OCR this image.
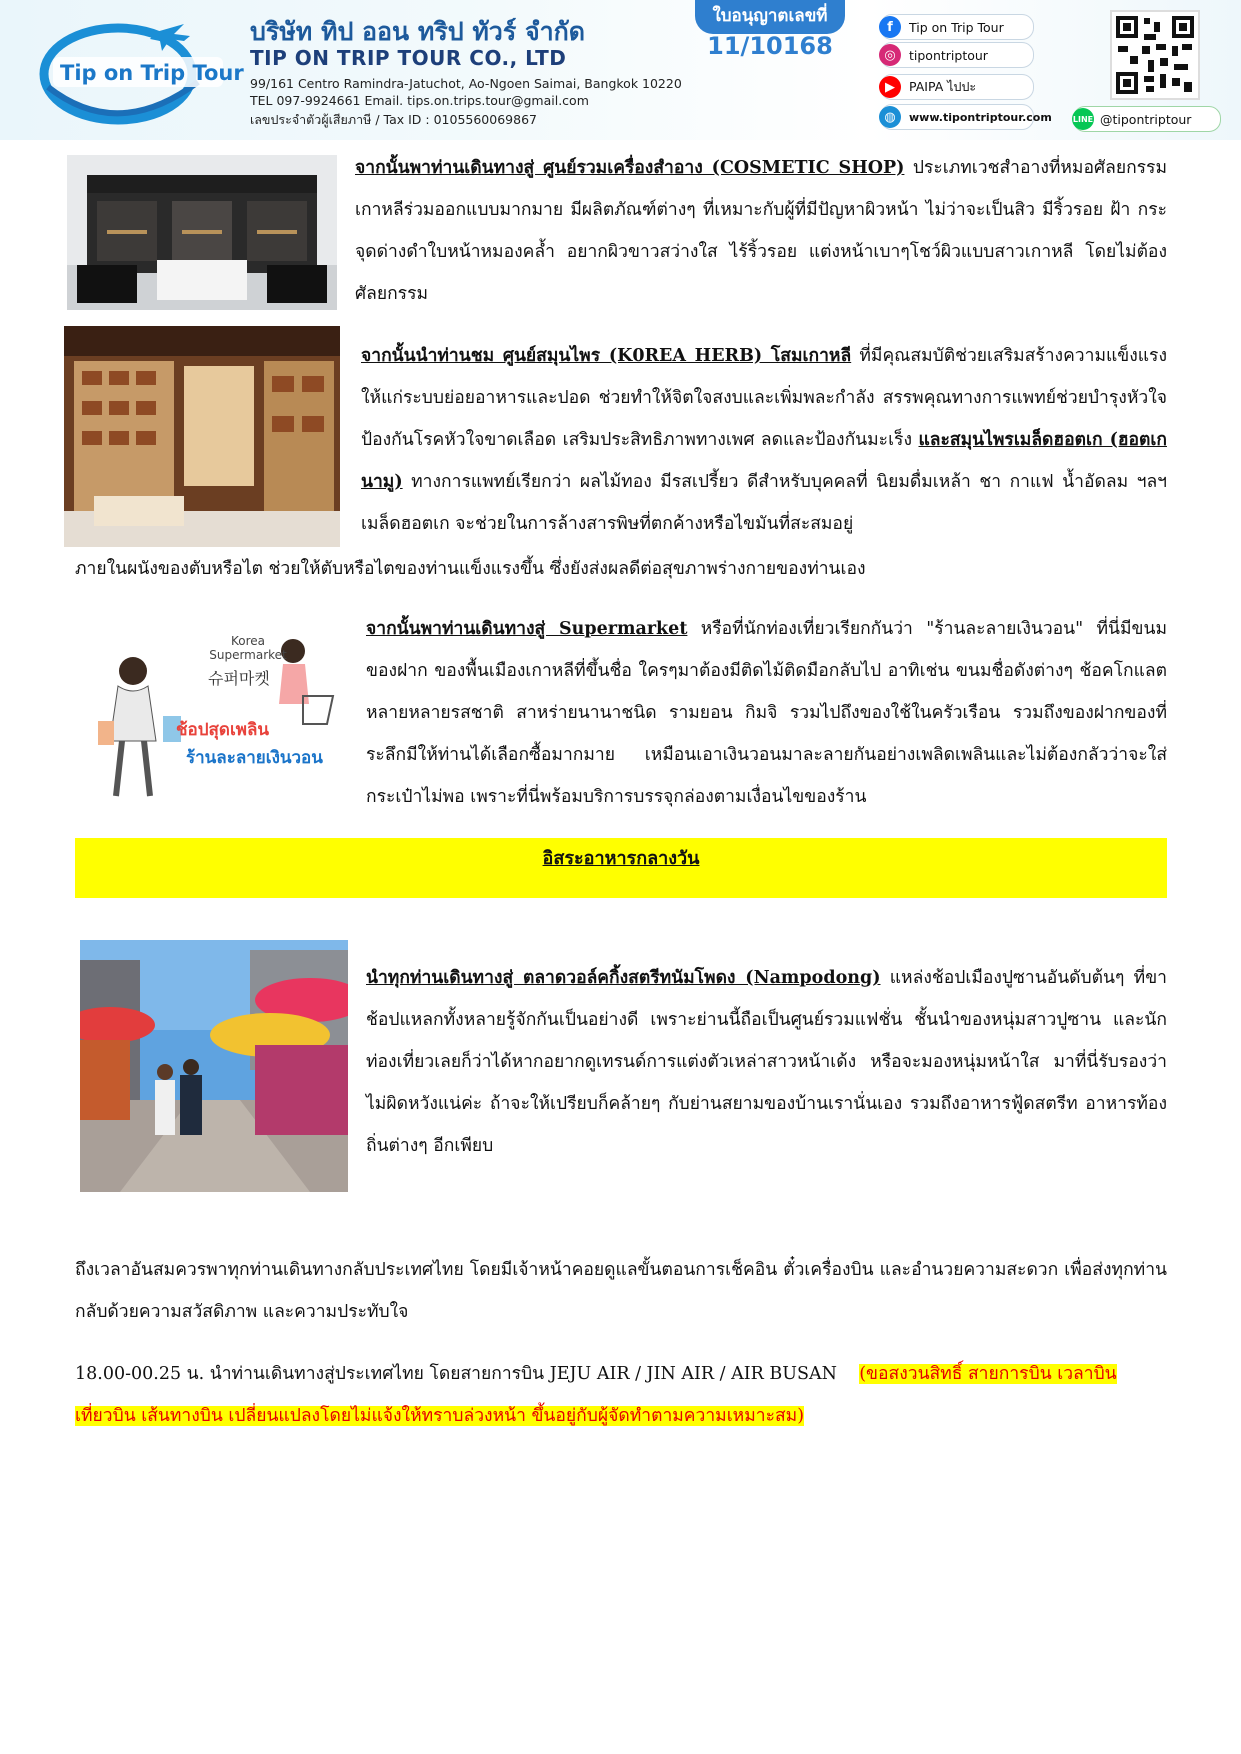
Tip on Trip Tour
บริษัท ทิป ออน ทริป ทัวร์ จำกัด
TIP ON TRIP TOUR CO., LTD
99/161 Centro Ramindra-Jatuchot, Ao-Ngoen Saimai, Bangkok 10220
TEL 097-9924661 Email. tips.on.trips.tour@gmail.com
เลขประจำตัวผู้เสียภาษี / Tax ID : 0105560069867
ใบอนุญาตเลขที่
11/10168
f	Tip on Trip Tour
◎	tipontriptour
▶	PAIPA ไปปะ
◍	www.tipontriptour.com	LINE @tipontriptour
จากนั้นพาท่านเดินทางสู่ ศูนย์รวมเครื่องสำอาง (COSMETIC SHOP) ประเภทเวชสำอางที่หมอศัลยกรรมเกาหลีร่วมออกแบบมากมาย มีผลิตภัณฑ์ต่างๆ ที่เหมาะกับผู้ที่มีปัญหาผิวหน้า ไม่ว่าจะเป็นสิว มีริ้วรอย ฝ้า กระ จุดด่างดำใบหน้าหมองคล้ำ อยากผิวขาวสว่างใส ไร้ริ้วรอย แต่งหน้าเบาๆโชว์ผิวแบบสาวเกาหลี โดยไม่ต้องศัลยกรรม
จากนั้นนำท่านชม ศูนย์สมุนไพร (K0REA HERB) โสมเกาหลี ที่มีคุณสมบัติช่วยเสริมสร้างความแข็งแรงให้แก่ระบบย่อยอาหารและปอด ช่วยทำให้จิตใจสงบและเพิ่มพละกำลัง สรรพคุณทางการแพทย์ช่วยบำรุงหัวใจ ป้องกันโรคหัวใจขาดเลือด เสริมประสิทธิภาพทางเพศ ลดและป้องกันมะเร็ง และสมุนไพรเมล็ดฮอตเก (ฮอตเกนามู) ทางการแพทย์เรียกว่า ผลไม้ทอง มีรสเปรี้ยว ดีสำหรับบุคคลที่ นิยมดื่มเหล้า ชา กาแฟ น้ำอัดลม ฯลฯ เมล็ดฮอตเก จะช่วยในการล้างสารพิษที่ตกค้างหรือไขมันที่สะสมอยู่
ภายในผนังของตับหรือไต ช่วยให้ตับหรือไตของท่านแข็งแรงขึ้น ซึ่งยังส่งผลดีต่อสุขภาพร่างกายของท่านเอง
Korea Supermarket
슈퍼마켓
ช้อปสุดเพลิน
ร้านละลายเงินวอน
จากนั้นพาท่านเดินทางสู่ Supermarket หรือที่นักท่องเที่ยวเรียกกันว่า "ร้านละลายเงินวอน" ที่นี่มีขนมของฝาก ของพื้นเมืองเกาหลีที่ขึ้นชื่อ ใครๆมาต้องมีติดไม้ติดมือกลับไป อาทิเช่น ขนมชื่อดังต่างๆ ช้อคโกแลตหลายหลายรสชาติ สาหร่ายนานาชนิด รามยอน กิมจิ รวมไปถึงของใช้ในครัวเรือน รวมถึงของฝากของที่ระลึกมีให้ท่านได้เลือกซื้อมากมาย เหมือนเอาเงินวอนมาละลายกันอย่างเพลิดเพลินและไม่ต้องกลัวว่าจะใส่กระเป๋าไม่พอ เพราะที่นี่พร้อมบริการบรรจุกล่องตามเงื่อนไขของร้าน
อิสระอาหารกลางวัน
นำทุกท่านเดินทางสู่ ตลาดวอล์คกิ้งสตรีทนัมโพดง (Nampodong) แหล่งช้อปเมืองปูซานอันดับต้นๆ ที่ขาช้อปแหลกทั้งหลายรู้จักกันเป็นอย่างดี เพราะย่านนี้ถือเป็นศูนย์รวมแฟชั่น ชั้นนำของหนุ่มสาวปูซาน และนักท่องเที่ยวเลยก็ว่าได้หากอยากดูเทรนด์การแต่งตัวเหล่าสาวหน้าเด้ง หรือจะมองหนุ่มหน้าใส มาที่นี่รับรองว่าไม่ผิดหวังแน่ค่ะ ถ้าจะให้เปรียบก็คล้ายๆ กับย่านสยามของบ้านเรานั่นเอง รวมถึงอาหารฟู้ดสตรีท อาหารท้องถิ่นต่างๆ อีกเพียบ
ถึงเวลาอันสมควรพาทุกท่านเดินทางกลับประเทศไทย โดยมีเจ้าหน้าคอยดูแลขั้นตอนการเช็คอิน ตั๋วเครื่องบิน และอำนวยความสะดวก เพื่อส่งทุกท่านกลับด้วยความสวัสดิภาพ และความประทับใจ
18.00-00.25 น. นำท่านเดินทางสู่ประเทศไทย โดยสายการบิน JEJU AIR / JIN AIR / AIR BUSAN (ขอสงวนสิทธิ์ สายการบิน เวลาบิน
เที่ยวบิน เส้นทางบิน เปลี่ยนแปลงโดยไม่แจ้งให้ทราบล่วงหน้า ขึ้นอยู่กับผู้จัดทำตามความเหมาะสม)
